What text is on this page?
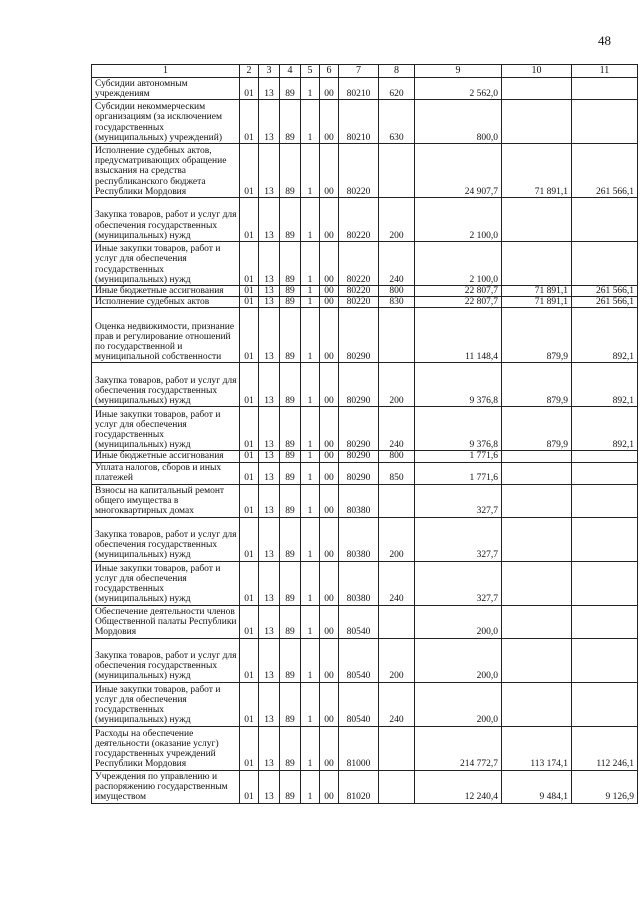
48
1	2	3	4	5	6	7	8	9	10	11
Субсидии автономным учреждениям	01	13	89	1	00	80210	620	2 562,0		
Субсидии некоммерческим организациям (за исключением государственных (муниципальных) учреждений)	01	13	89	1	00	80210	630	800,0		
Исполнение судебных актов, предусматривающих обращение взыскания на средства республиканского бюджета Республики Мордовия	01	13	89	1	00	80220		24 907,7	71 891,1	261 566,1
Закупка товаров, работ и услуг для обеспечения государственных (муниципальных) нужд	01	13	89	1	00	80220	200	2 100,0		
Иные закупки товаров, работ и услуг для обеспечения государственных (муниципальных) нужд	01	13	89	1	00	80220	240	2 100,0		
Иные бюджетные ассигнования	01	13	89	1	00	80220	800	22 807,7	71 891,1	261 566,1
Исполнение судебных актов	01	13	89	1	00	80220	830	22 807,7	71 891,1	261 566,1
Оценка недвижимости, признание прав и регулирование отношений по государственной и муниципальной собственности	01	13	89	1	00	80290		11 148,4	879,9	892,1
Закупка товаров, работ и услуг для обеспечения государственных (муниципальных) нужд	01	13	89	1	00	80290	200	9 376,8	879,9	892,1
Иные закупки товаров, работ и услуг для обеспечения государственных (муниципальных) нужд	01	13	89	1	00	80290	240	9 376,8	879,9	892,1
Иные бюджетные ассигнования	01	13	89	1	00	80290	800	1 771,6		
Уплата налогов, сборов и иных платежей	01	13	89	1	00	80290	850	1 771,6		
Взносы на капитальный ремонт общего имущества в многоквартирных домах	01	13	89	1	00	80380		327,7		
Закупка товаров, работ и услуг для обеспечения государственных (муниципальных) нужд	01	13	89	1	00	80380	200	327,7		
Иные закупки товаров, работ и услуг для обеспечения государственных (муниципальных) нужд	01	13	89	1	00	80380	240	327,7		
Обеспечение деятельности членов Общественной палаты Республики Мордовия	01	13	89	1	00	80540		200,0		
Закупка товаров, работ и услуг для обеспечения государственных (муниципальных) нужд	01	13	89	1	00	80540	200	200,0		
Иные закупки товаров, работ и услуг для обеспечения государственных (муниципальных) нужд	01	13	89	1	00	80540	240	200,0		
Расходы на обеспечение деятельности (оказание услуг) государственных учреждений Республики Мордовия	01	13	89	1	00	81000		214 772,7	113 174,1	112 246,1
Учреждения по управлению и распоряжению государственным имуществом	01	13	89	1	00	81020		12 240,4	9 484,1	9 126,9
